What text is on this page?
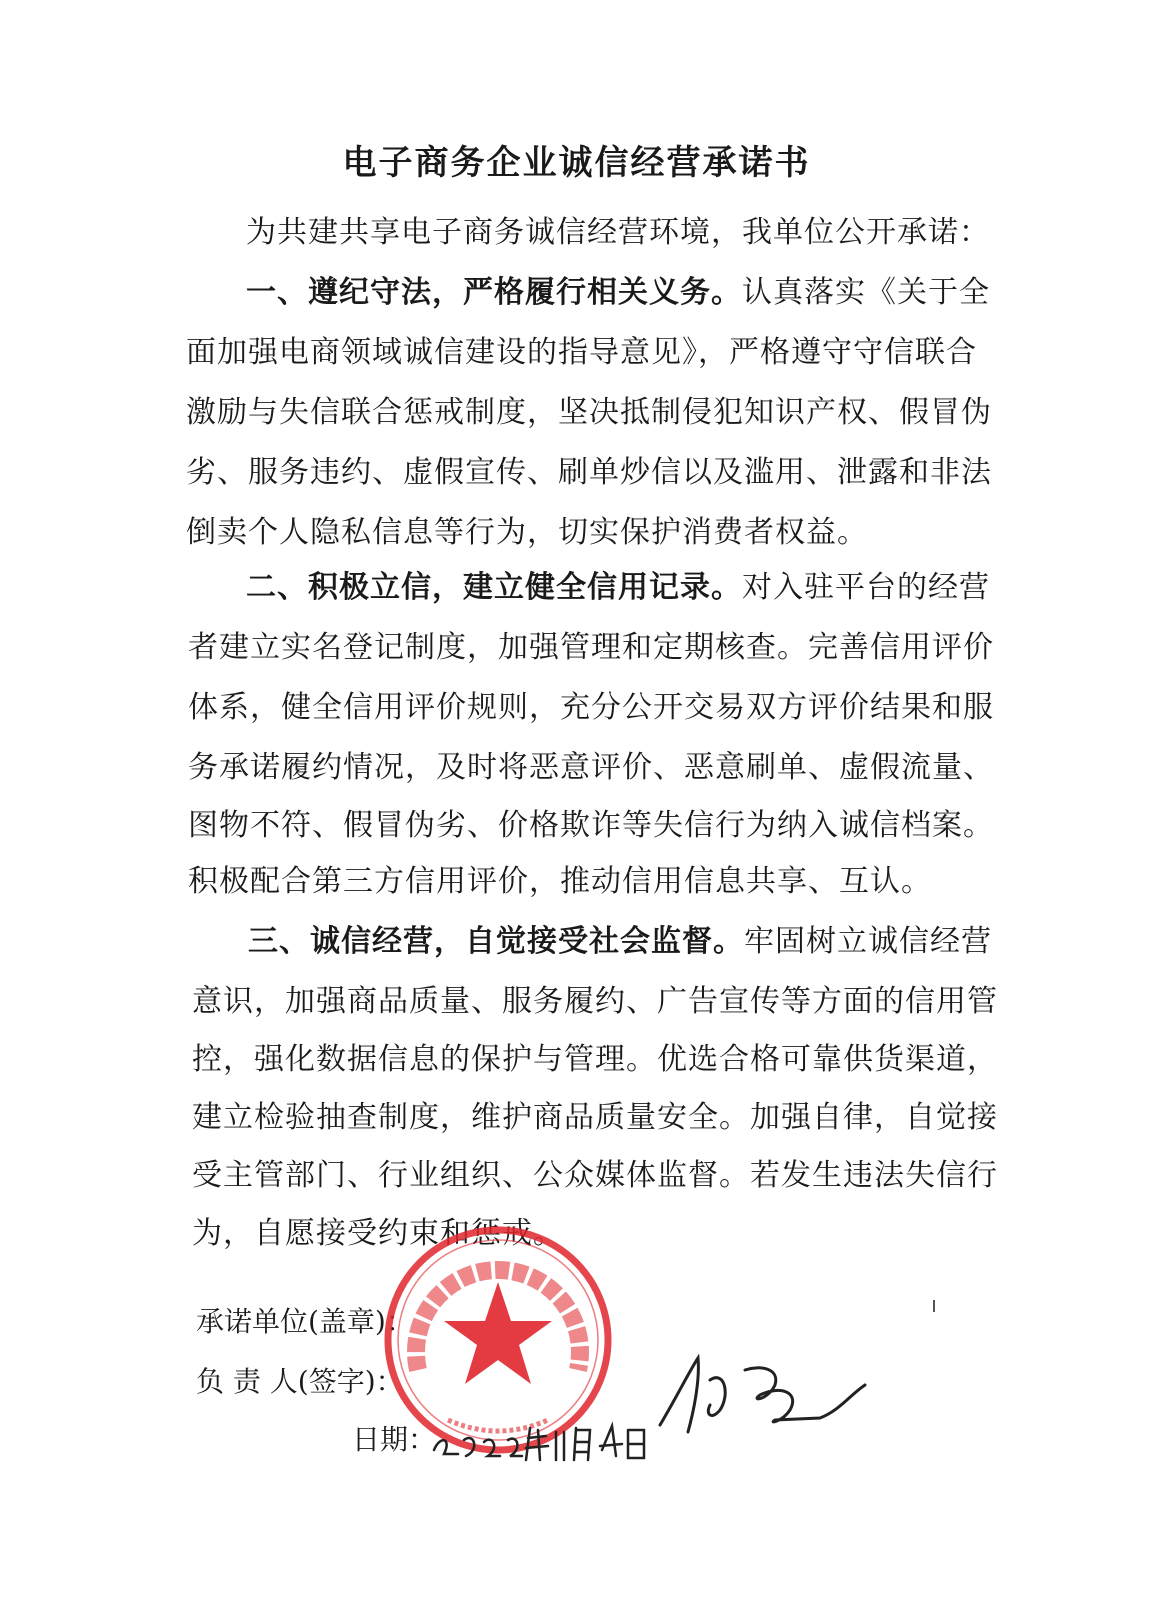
电子商务企业诚信经营承诺书
为共建共享电子商务诚信经营环境，我单位公开承诺：
一、遵纪守法，严格履行相关义务。认真落实《关于全
面加强电商领域诚信建设的指导意见》，严格遵守守信联合
激励与失信联合惩戒制度，坚决抵制侵犯知识产权、假冒伪
劣、服务违约、虚假宣传、刷单炒信以及滥用、泄露和非法
倒卖个人隐私信息等行为，切实保护消费者权益。
二、积极立信，建立健全信用记录。对入驻平台的经营
者建立实名登记制度，加强管理和定期核查。完善信用评价
体系，健全信用评价规则，充分公开交易双方评价结果和服
务承诺履约情况，及时将恶意评价、恶意刷单、虚假流量、
图物不符、假冒伪劣、价格欺诈等失信行为纳入诚信档案。
积极配合第三方信用评价，推动信用信息共享、互认。
三、诚信经营，自觉接受社会监督。牢固树立诚信经营
意识，加强商品质量、服务履约、广告宣传等方面的信用管
控，强化数据信息的保护与管理。优选合格可靠供货渠道，
建立检验抽查制度，维护商品质量安全。加强自律，自觉接
受主管部门、行业组织、公众媒体监督。若发生违法失信行
为，自愿接受约束和惩戒。
承诺单位(盖章)：
负 责 人(签字)：
日期：
